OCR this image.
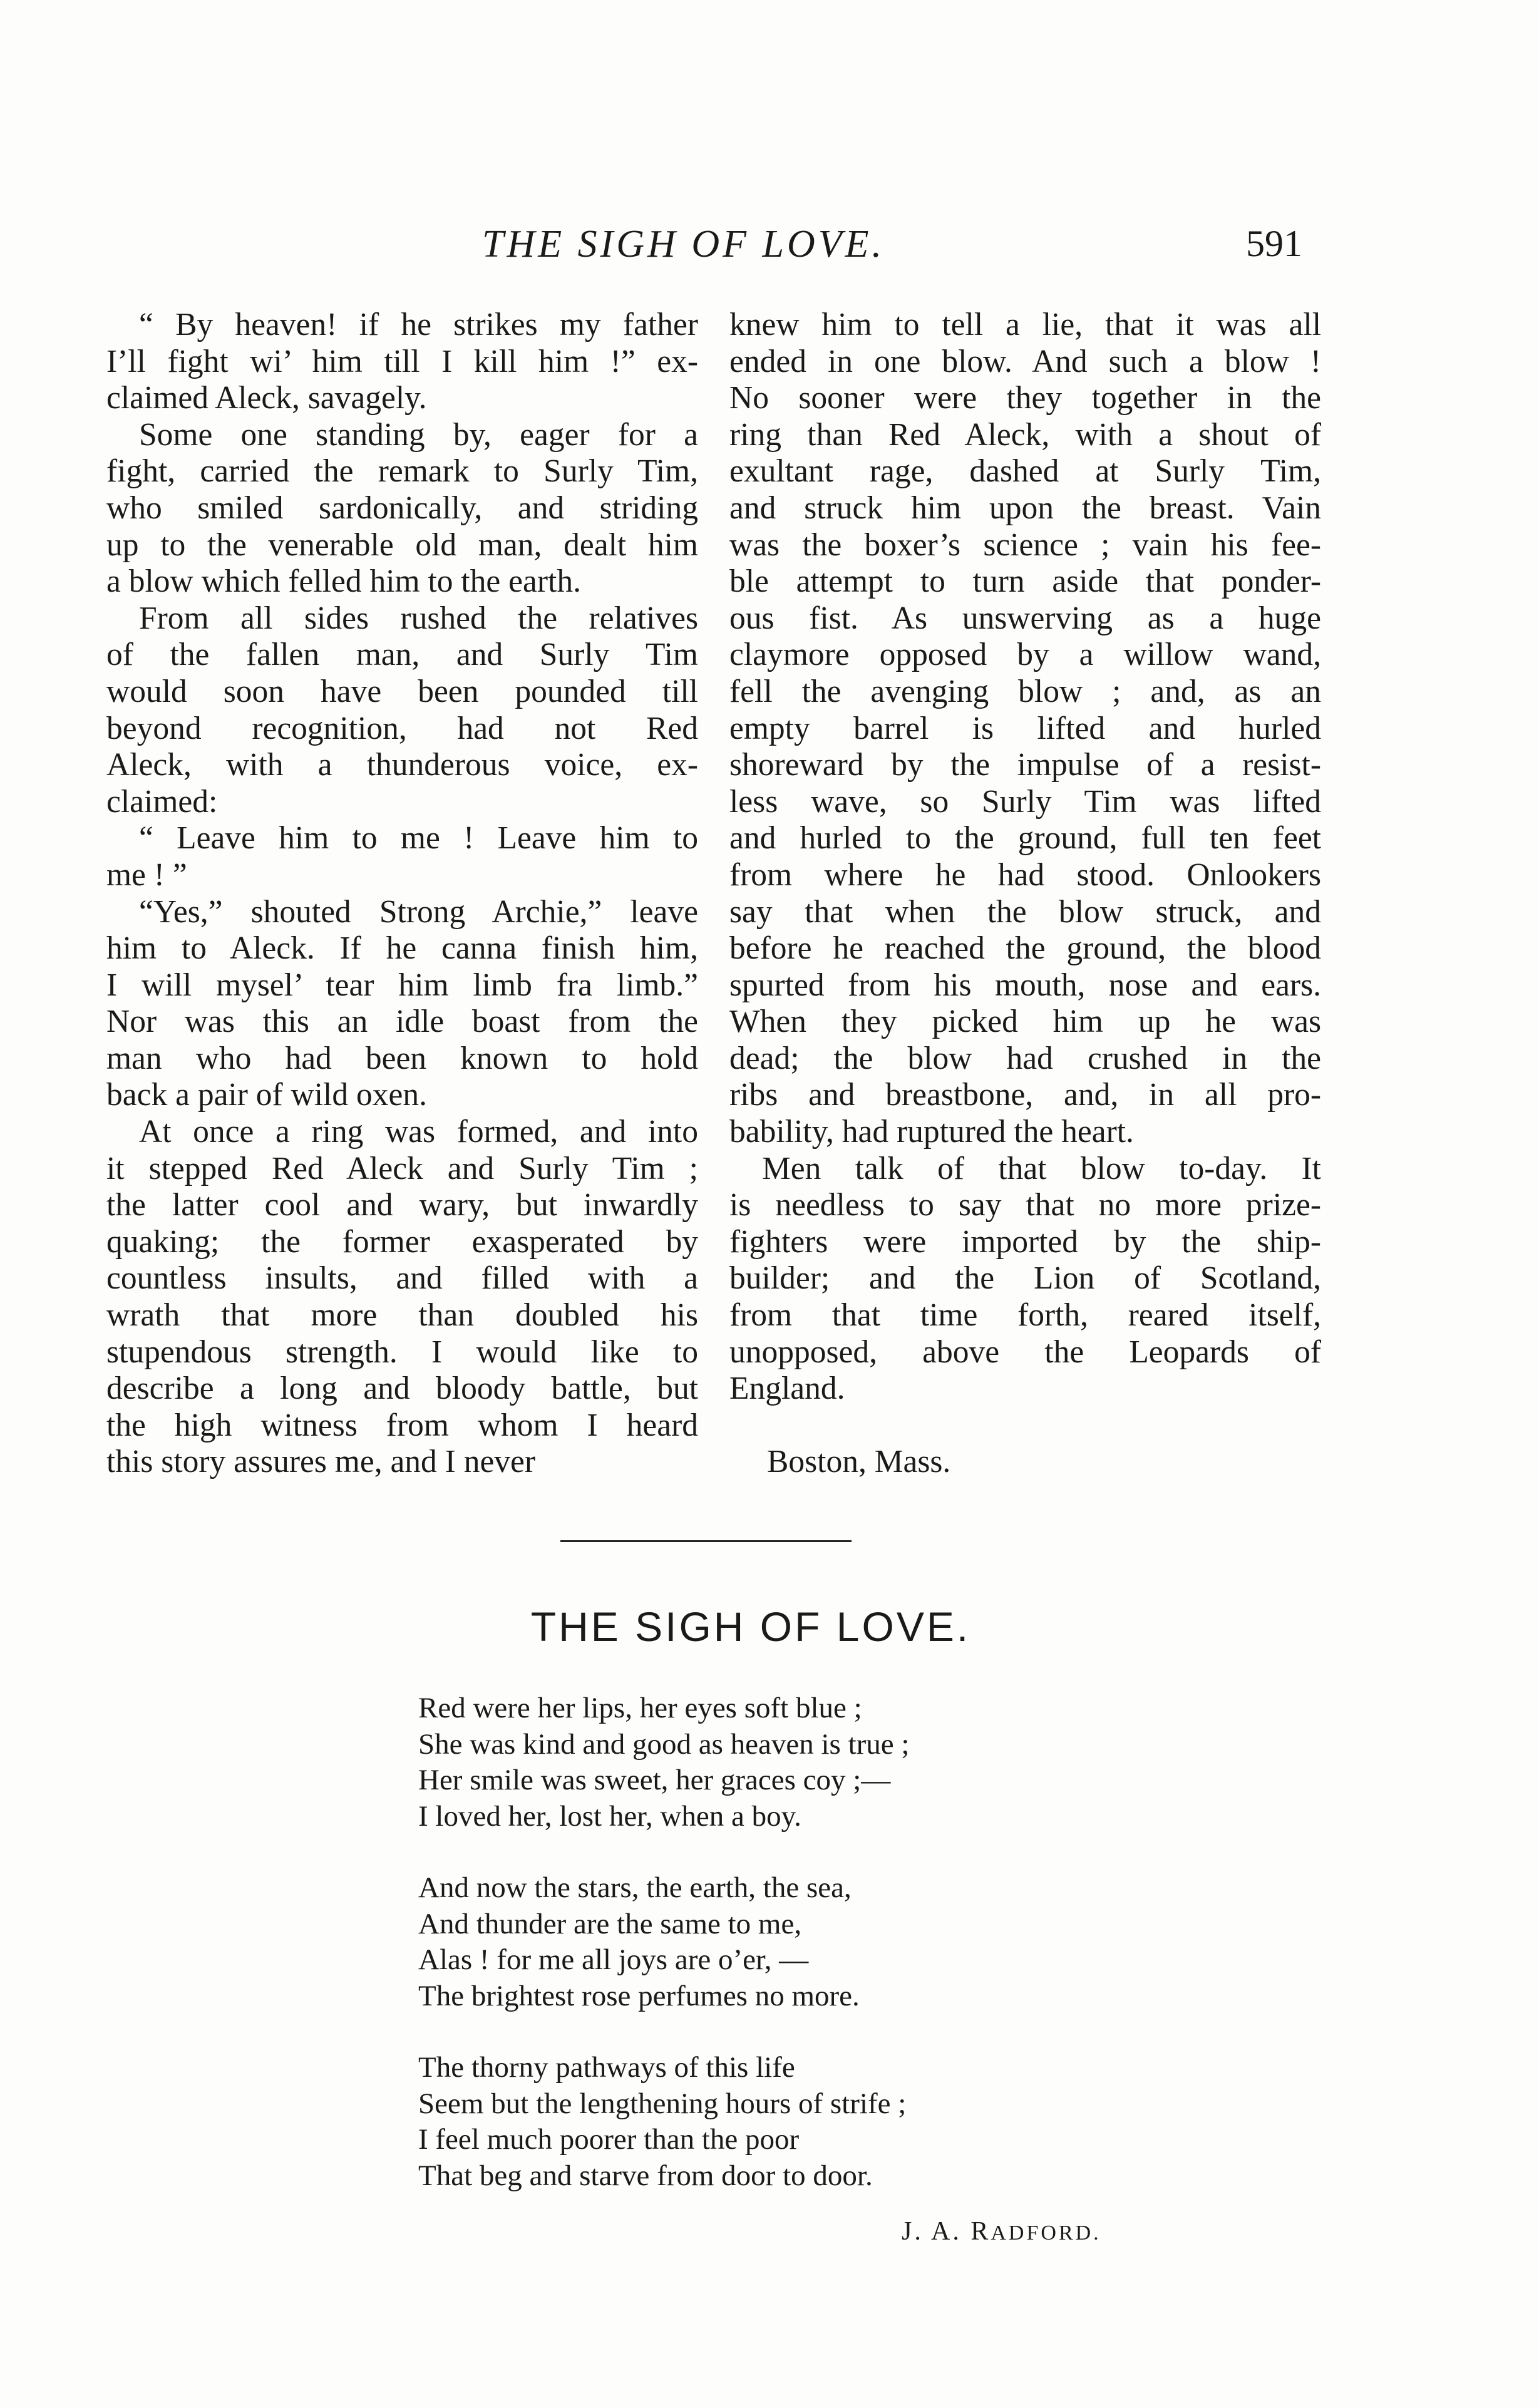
THE SIGH OF LOVE.	591

“ By heaven! if he strikes my father
I’ll fight wi’ him till I kill him !” ex-
claimed Aleck, savagely.

Some one standing by, eager for a
fight, carried the remark to Surly Tim,
who smiled sardonically, and striding
up to the venerable old man, dealt him
a blow which felled him to the earth.

From all sides rushed the relatives
of the fallen man, and Surly Tim
would soon have been pounded till
beyond recognition, had not Red
Aleck, with a thunderous voice, ex-
claimed:

“ Leave him to me ! Leave him to
me ! ”

“Yes,” shouted Strong Archie,” leave
him to Aleck. If he canna finish him,
I will mysel’ tear him limb fra limb.”
Nor was this an idle boast from the
man who had been known to hold
back a pair of wild oxen.

At once a ring was formed, and into
it stepped Red Aleck and Surly Tim ;
the latter cool and wary, but inwardly
quaking; the former exasperated by
countless insults, and filled with a
wrath that more than doubled his
stupendous strength. I would like to
describe a long and bloody battle, but
the high witness from whom I heard
this story assures me, and I never

knew him to tell a lie, that it was all
ended in one blow. And such a blow !
No sooner were they together in the
ring than Red Aleck, with a shout of
exultant rage, dashed at Surly Tim,
and struck him upon the breast. Vain
was the boxer’s science ; vain his fee-
ble attempt to turn aside that ponder-
ous fist. As unswerving as a huge
claymore opposed by a willow wand,
fell the avenging blow ; and, as an
empty barrel is lifted and hurled
shoreward by the impulse of a resist-
less wave, so Surly Tim was lifted
and hurled to the ground, full ten feet
from where he had stood. Onlookers
say that when the blow struck, and
before he reached the ground, the blood
spurted from his mouth, nose and ears.
When they picked him up he was
dead; the blow had crushed in the
ribs and breastbone, and, in all pro-
bability, had ruptured the heart.

Men talk of that blow to-day. It
is needless to say that no more prize-
fighters were imported by the ship-
builder; and the Lion of Scotland,
from that time forth, reared itself,
unopposed, above the Leopards of
England.

Boston, Mass.

THE SIGH OF LOVE.
Red were her lips, her eyes soft blue ;
She was kind and good as heaven is true ;
Her smile was sweet, her graces coy ;—
I loved her, lost her, when a boy.
And now the stars, the earth, the sea,
And thunder are the same to me,
Alas ! for me all joys are o’er, —
The brightest rose perfumes no more.
The thorny pathways of this life
Seem but the lengthening hours of strife ;
I feel much poorer than the poor
That beg and starve from door to door.
J. A. RADFORD.
